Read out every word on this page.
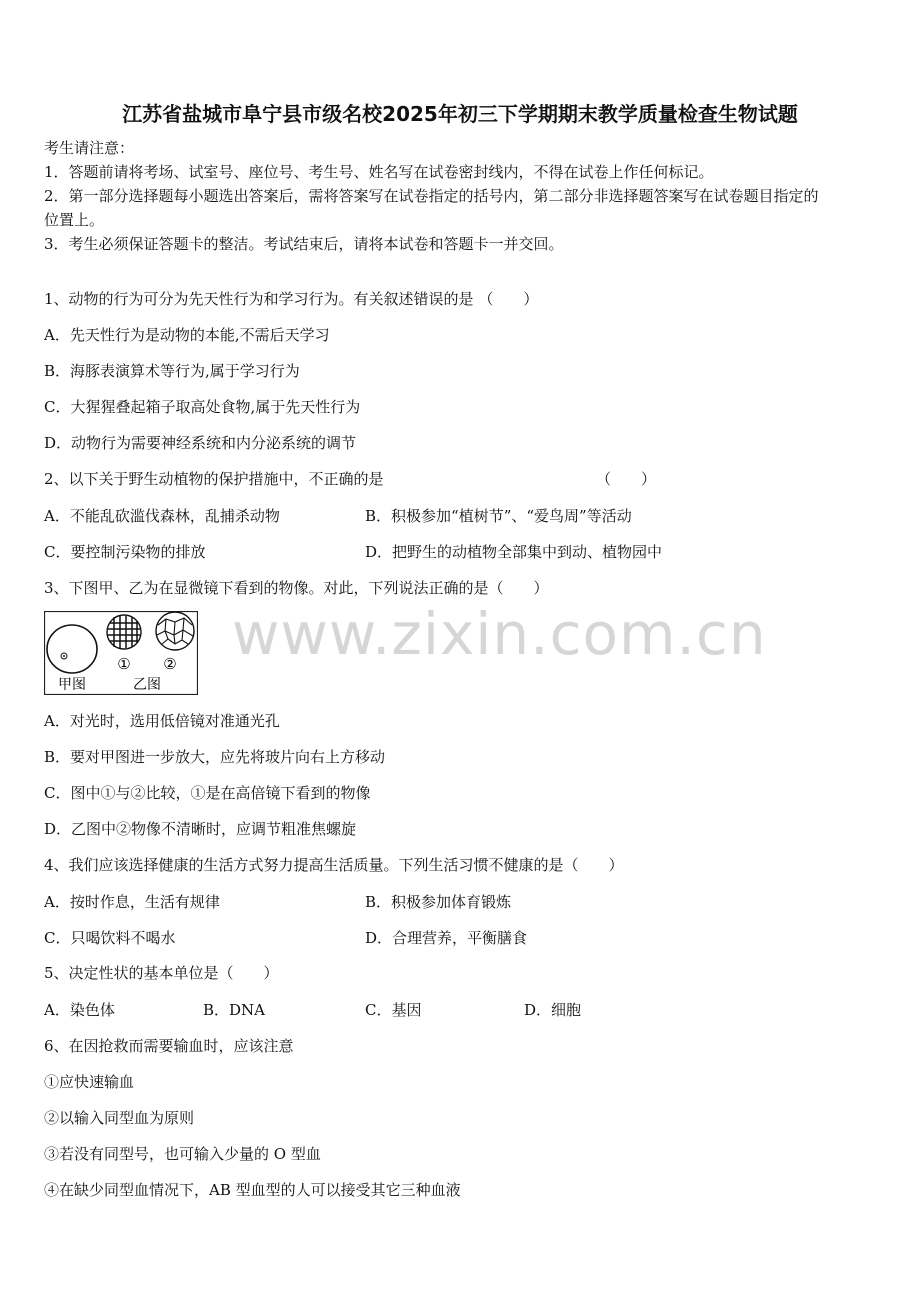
www.zixin.com.cn
江苏省盐城市阜宁县市级名校2025年初三下学期期末教学质量检查生物试题
考生请注意：
1．答题前请将考场、试室号、座位号、考生号、姓名写在试卷密封线内，不得在试卷上作任何标记。
2．第一部分选择题每小题选出答案后，需将答案写在试卷指定的括号内，第二部分非选择题答案写在试卷题目指定的
位置上。
3．考生必须保证答题卡的整洁。考试结束后，请将本试卷和答题卡一并交回。
1、动物的行为可分为先天性行为和学习行为。有关叙述错误的是 （　　）
A．先天性行为是动物的本能,不需后天学习
B．海豚表演算术等行为,属于学习行为
C．大猩猩叠起箱子取高处食物,属于先天性行为
D．动物行为需要神经系统和内分泌系统的调节
2、以下关于野生动植物的保护措施中，不正确的是	（　　）
A．不能乱砍滥伐森林，乱捕杀动物	B．积极参加“植树节”、“爱鸟周”等活动
C．要控制污染物的排放	D．把野生的动植物全部集中到动、植物园中
3、下图甲、乙为在显微镜下看到的物像。对此，下列说法正确的是（　　）
① ②
甲图	乙图
A．对光时，选用低倍镜对准通光孔
B．要对甲图进一步放大，应先将玻片向右上方移动
C．图中①与②比较，①是在高倍镜下看到的物像
D．乙图中②物像不清晰时，应调节粗准焦螺旋
4、我们应该选择健康的生活方式努力提高生活质量。下列生活习惯不健康的是（　　）
A．按时作息，生活有规律	B．积极参加体育锻炼
C．只喝饮料不喝水	D．合理营养，平衡膳食
5、决定性状的基本单位是（　　）
A．染色体	B．DNA	C．基因	D．细胞
6、在因抢救而需要输血时，应该注意
①应快速输血
②以输入同型血为原则
③若没有同型号，也可输入少量的 O 型血
④在缺少同型血情况下，AB 型血型的人可以接受其它三种血液
